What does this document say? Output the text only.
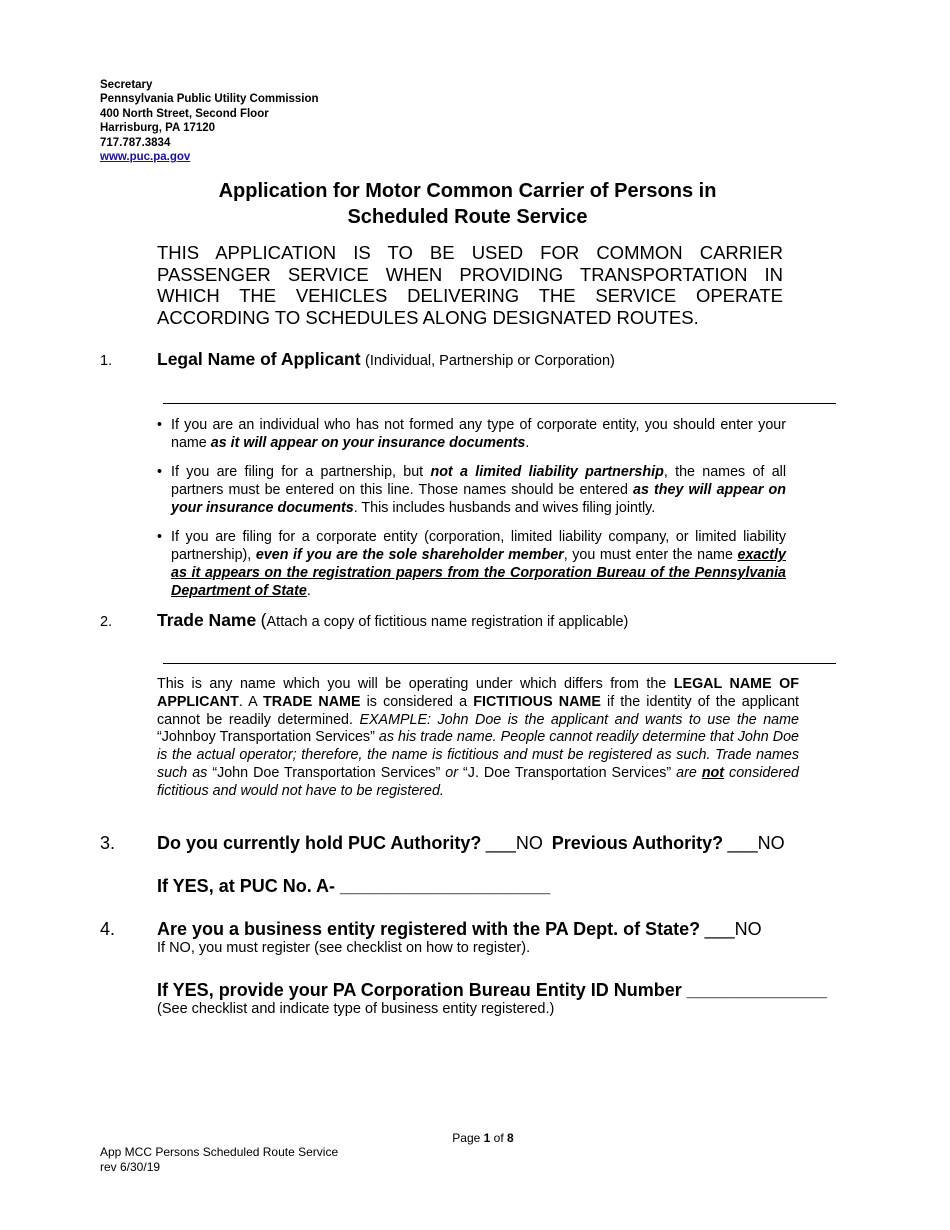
Secretary
Pennsylvania Public Utility Commission
400 North Street, Second Floor
Harrisburg, PA 17120
717.787.3834
www.puc.pa.gov
Application for Motor Common Carrier of Persons in
Scheduled Route Service
THIS APPLICATION IS TO BE USED FOR COMMON CARRIER
PASSENGER SERVICE WHEN PROVIDING TRANSPORTATION IN
WHICH THE VEHICLES DELIVERING THE SERVICE OPERATE
ACCORDING TO SCHEDULES ALONG DESIGNATED ROUTES.
1.	Legal Name of Applicant (Individual, Partnership or Corporation)
• If you are an individual who has not formed any type of corporate entity, you should enter your name as it will appear on your insurance documents.

• If you are filing for a partnership, but not a limited liability partnership, the names of all partners must be entered on this line. Those names should be entered as they will appear on your insurance documents. This includes husbands and wives filing jointly.

• If you are filing for a corporate entity (corporation, limited liability company, or limited liability partnership), even if you are the sole shareholder member, you must enter the name exactly as it appears on the registration papers from the Corporation Bureau of the Pennsylvania Department of State.

2.	Trade Name (Attach a copy of fictitious name registration if applicable)
This is any name which you will be operating under which differs from the LEGAL NAME OF APPLICANT. A TRADE NAME is considered a FICTITIOUS NAME if the identity of the applicant cannot be readily determined. EXAMPLE: John Doe is the applicant and wants to use the name “Johnboy Transportation Services” as his trade name. People cannot readily determine that John Doe is the actual operator; therefore, the name is fictitious and must be registered as such. Trade names such as “John Doe Transportation Services” or “J. Doe Transportation Services” are not considered fictitious and would not have to be registered.
3. Do you currently hold PUC Authority? ___NO Previous Authority? ___NO
If YES, at PUC No. A- _____________________
4. Are you a business entity registered with the PA Dept. of State? ___NO
If NO, you must register (see checklist on how to register).
If YES, provide your PA Corporation Bureau Entity ID Number ______________
(See checklist and indicate type of business entity registered.)
Page 1 of 8
App MCC Persons Scheduled Route Service
rev 6/30/19
